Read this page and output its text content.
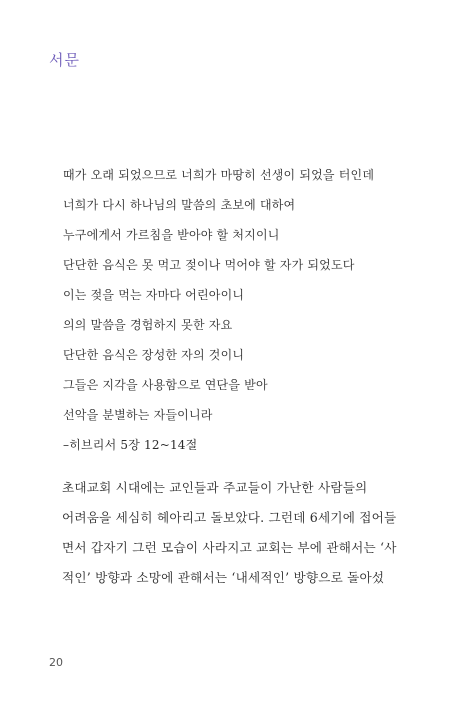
서문
때가 오래 되었으므로 너희가 마땅히 선생이 되었을 터인데
너희가 다시 하나님의 말씀의 초보에 대하여
누구에게서 가르침을 받아야 할 처지이니
단단한 음식은 못 먹고 젖이나 먹어야 할 자가 되었도다
이는 젖을 먹는 자마다 어린아이니
의의 말씀을 경험하지 못한 자요
단단한 음식은 장성한 자의 것이니
그들은 지각을 사용함으로 연단을 받아
선악을 분별하는 자들이니라
–히브리서 5장 12~14절
초대교회 시대에는 교인들과 주교들이 가난한 사람들의
어려움을 세심히 헤아리고 돌보았다. 그런데 6세기에 접어들
면서 갑자기 그런 모습이 사라지고 교회는 부에 관해서는 ‘사
적인’ 방향과 소망에 관해서는 ‘내세적인’ 방향으로 돌아섰
20
